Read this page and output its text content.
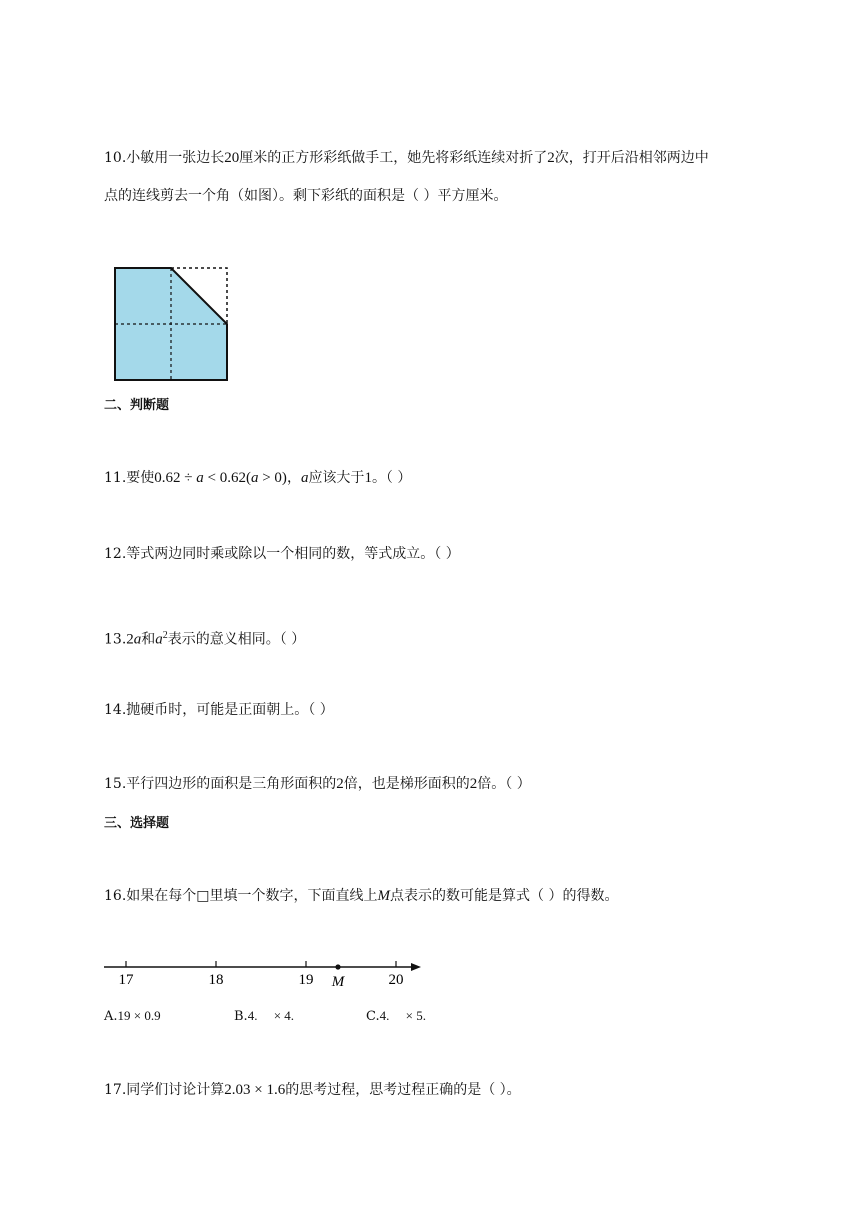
10.小敏用一张边长20厘米的正方形彩纸做手工，她先将彩纸连续对折了2次，打开后沿相邻两边中
点的连线剪去一个角（如图）。剩下彩纸的面积是（ ）平方厘米。
二、判断题
11.要使0.62 ÷ a < 0.62(a > 0)，a应该大于1。（ ）
12.等式两边同时乘或除以一个相同的数，等式成立。（ ）
13.2a和$a^2$表示的意义相同。（ ）
14.抛硬币时，可能是正面朝上。（ ）
15.平行四边形的面积是三角形面积的2倍，也是梯形面积的2倍。（ ）
三、选择题
16.如果在每个□里填一个数字，下面直线上M点表示的数可能是算式（ ）的得数。
17	18	19	20
M
A.19 × 0.9	B.4.     × 4.	C.4.     × 5.
17.同学们讨论计算2.03 × 1.6的思考过程，思考过程正确的是（ ）。
